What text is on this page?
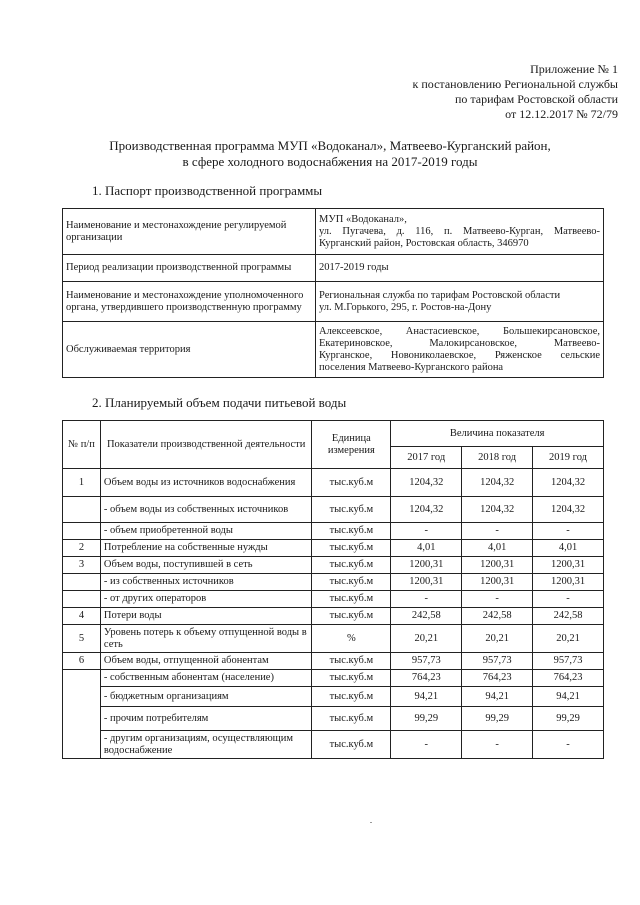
Приложение № 1
к постановлению Региональной службы
по тарифам Ростовской области
от 12.12.2017 № 72/79
Производственная программа МУП «Водоканал», Матвеево-Курганский район,
в сфере холодного водоснабжения на 2017-2019 годы
1. Паспорт производственной программы
Наименование и местонахождение регулируемой организации	МУП «Водоканал»,
ул. Пугачева, д. 116, п. Матвеево-Курган, Матвеево-
Курганский район, Ростовская область, 346970

Период реализации производственной программы	2017-2019 годы

Наименование и местонахождение уполномоченного органа, утвердившего производственную программу	Региональная служба по тарифам Ростовской области
ул. М.Горького, 295, г. Ростов-на-Дону

Обслуживаемая территория	Алексеевское, Анастасиевское, Большекирсановское,
Екатериновское, Малокирсановское, Матвеево-
Курганское, Новониколаевское, Ряженское сельские
поселения Матвеево-Курганского района
2. Планируемый объем подачи питьевой воды
№ п/п	Показатели производственной деятельности	Единица измерения	Величина показателя		
			2017 год	2018 год	2019 год
1	Объем воды из источников водоснабжения	тыс.куб.м	1204,32	1204,32	1204,32
	- объем воды из собственных источников	тыс.куб.м	1204,32	1204,32	1204,32
	- объем приобретенной воды	тыс.куб.м	-	-	-
2	Потребление на собственные нужды	тыс.куб.м	4,01	4,01	4,01
3	Объем воды, поступившей в сеть	тыс.куб.м	1200,31	1200,31	1200,31
	- из собственных источников	тыс.куб.м	1200,31	1200,31	1200,31
	- от других операторов	тыс.куб.м	-	-	-
4	Потери воды	тыс.куб.м	242,58	242,58	242,58
5	Уровень потерь к объему отпущенной воды в сеть	%	20,21	20,21	20,21
6	Объем воды, отпущенной абонентам	тыс.куб.м	957,73	957,73	957,73
	- собственным абонентам (население)	тыс.куб.м	764,23	764,23	764,23
	- бюджетным организациям	тыс.куб.м	94,21	94,21	94,21
	- прочим потребителям	тыс.куб.м	99,29	99,29	99,29
	- другим организациям, осуществляющим водоснабжение	тыс.куб.м	-	-	-
